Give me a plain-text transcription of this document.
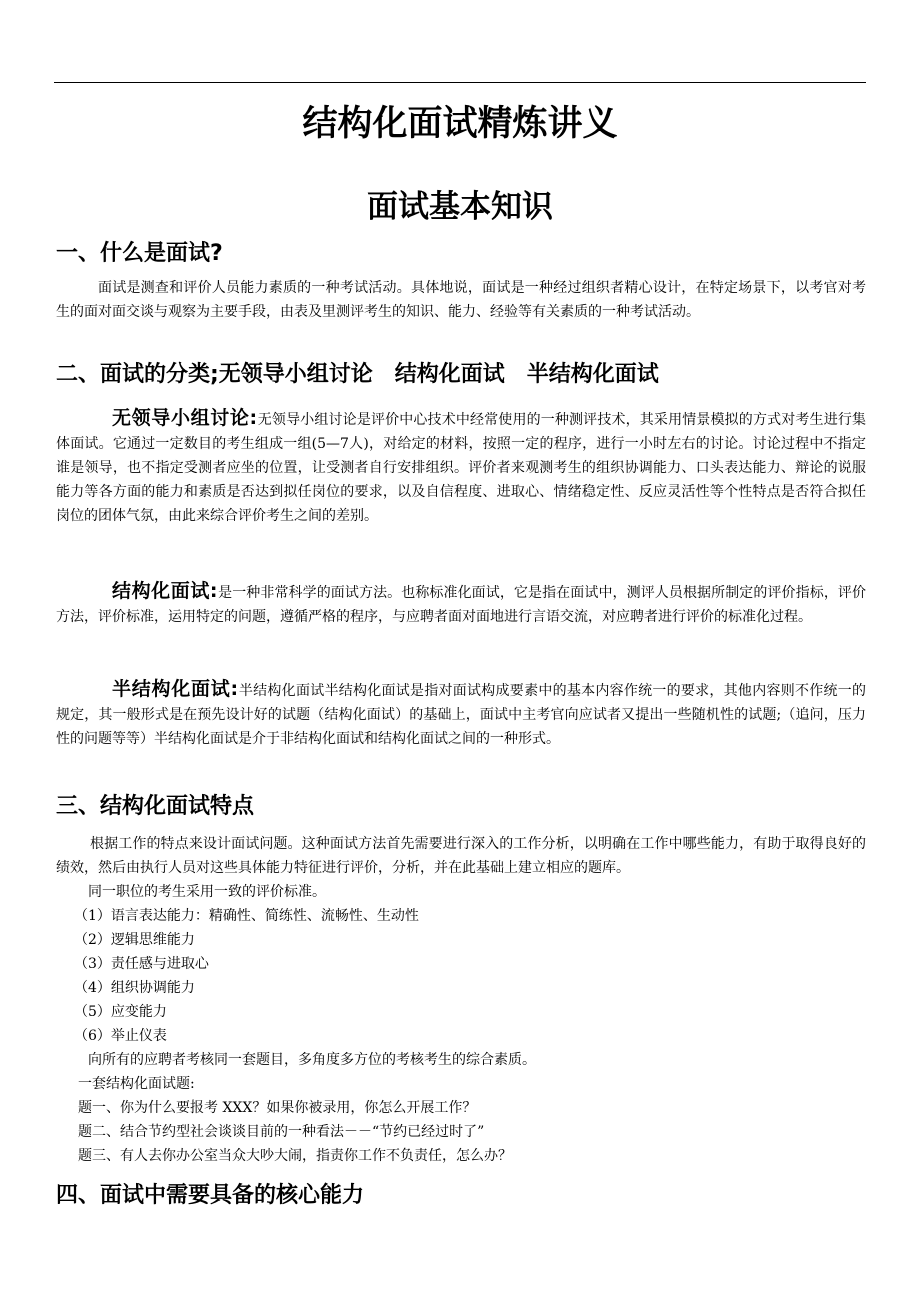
结构化面试精炼讲义
面试基本知识
一、什么是面试?

面试是测查和评价人员能力素质的一种考试活动。具体地说，面试是一种经过组织者精心设计，在特定场景下，以考官对考生的面对面交谈与观察为主要手段，由表及里测评考生的知识、能力、经验等有关素质的一种考试活动。

二、面试的分类;无领导小组讨论　结构化面试　半结构化面试

无领导小组讨论:无领导小组讨论是评价中心技术中经常使用的一种测评技术，其采用情景模拟的方式对考生进行集体面试。它通过一定数目的考生组成一组(5—7人)，对给定的材料，按照一定的程序，进行一小时左右的讨论。讨论过程中不指定谁是领导，也不指定受测者应坐的位置，让受测者自行安排组织。评价者来观测考生的组织协调能力、口头表达能力、辩论的说服能力等各方面的能力和素质是否达到拟任岗位的要求，以及自信程度、进取心、情绪稳定性、反应灵活性等个性特点是否符合拟任岗位的团体气氛，由此来综合评价考生之间的差别。

结构化面试:是一种非常科学的面试方法。也称标准化面试，它是指在面试中，测评人员根据所制定的评价指标，评价方法，评价标准，运用特定的问题，遵循严格的程序，与应聘者面对面地进行言语交流，对应聘者进行评价的标准化过程。

半结构化面试:半结构化面试半结构化面试是指对面试构成要素中的基本内容作统一的要求，其他内容则不作统一的规定，其一般形式是在预先设计好的试题（结构化面试）的基础上，面试中主考官向应试者又提出一些随机性的试题;（追问，压力性的问题等等）半结构化面试是介于非结构化面试和结构化面试之间的一种形式。

三、结构化面试特点

根据工作的特点来设计面试问题。这种面试方法首先需要进行深入的工作分析，以明确在工作中哪些能力，有助于取得良好的绩效，然后由执行人员对这些具体能力特征进行评价，分析，并在此基础上建立相应的题库。

同一职位的考生采用一致的评价标准。

（1）语言表达能力：精确性、简练性、流畅性、生动性

（2）逻辑思维能力

（3）责任感与进取心

（4）组织协调能力

（5）应变能力

（6）举止仪表

向所有的应聘者考核同一套题目，多角度多方位的考核考生的综合素质。

一套结构化面试题:

题一、你为什么要报考 XXX？如果你被录用，你怎么开展工作？

题二、结合节约型社会谈谈目前的一种看法－－“节约已经过时了”

题三、有人去你办公室当众大吵大闹，指责你工作不负责任，怎么办？

四、面试中需要具备的核心能力
